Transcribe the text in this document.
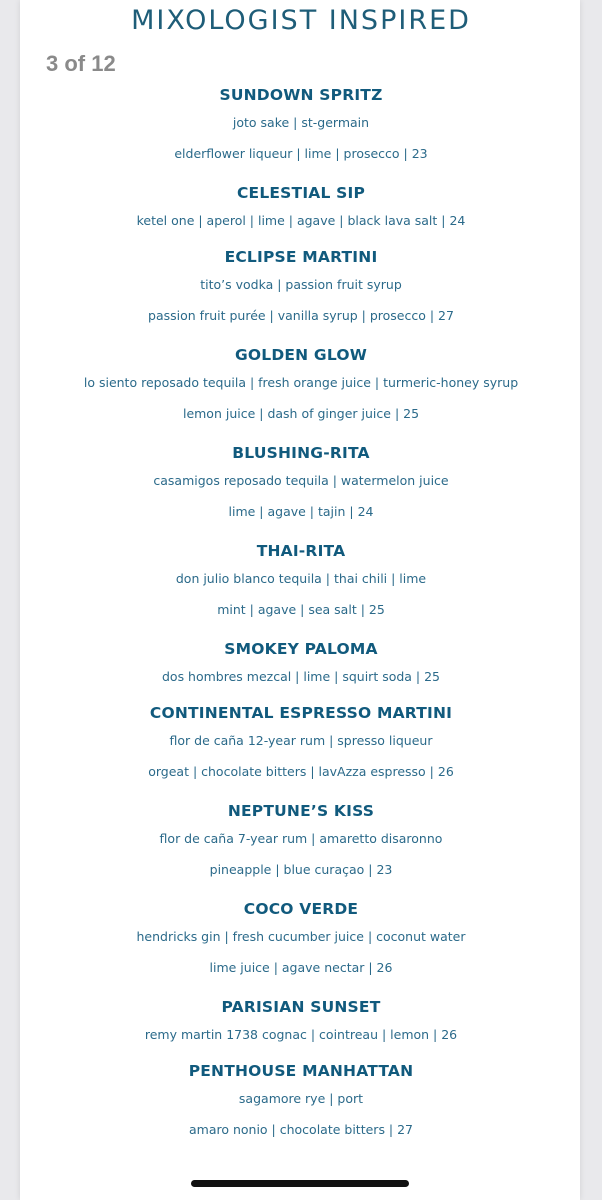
MIXOLOGIST INSPIRED
3 of 12
SUNDOWN SPRITZ
joto sake | st-germain
elderflower liqueur | lime | prosecco | 23
CELESTIAL SIP
ketel one | aperol | lime | agave | black lava salt | 24
ECLIPSE MARTINI
tito’s vodka | passion fruit syrup
passion fruit purée | vanilla syrup | prosecco | 27
GOLDEN GLOW
lo siento reposado tequila | fresh orange juice | turmeric-honey syrup
lemon juice | dash of ginger juice | 25
BLUSHING-RITA
casamigos reposado tequila | watermelon juice
lime | agave | tajin | 24
THAI-RITA
don julio blanco tequila | thai chili | lime
mint | agave | sea salt | 25
SMOKEY PALOMA
dos hombres mezcal | lime | squirt soda | 25
CONTINENTAL ESPRESSO MARTINI
flor de caña 12-year rum | spresso liqueur
orgeat | chocolate bitters | lavAzza espresso | 26
NEPTUNE’S KISS
flor de caña 7-year rum | amaretto disaronno
pineapple | blue curaçao | 23
COCO VERDE
hendricks gin | fresh cucumber juice | coconut water
lime juice | agave nectar | 26
PARISIAN SUNSET
remy martin 1738 cognac | cointreau | lemon | 26
PENTHOUSE MANHATTAN
sagamore rye | port
amaro nonio | chocolate bitters | 27
